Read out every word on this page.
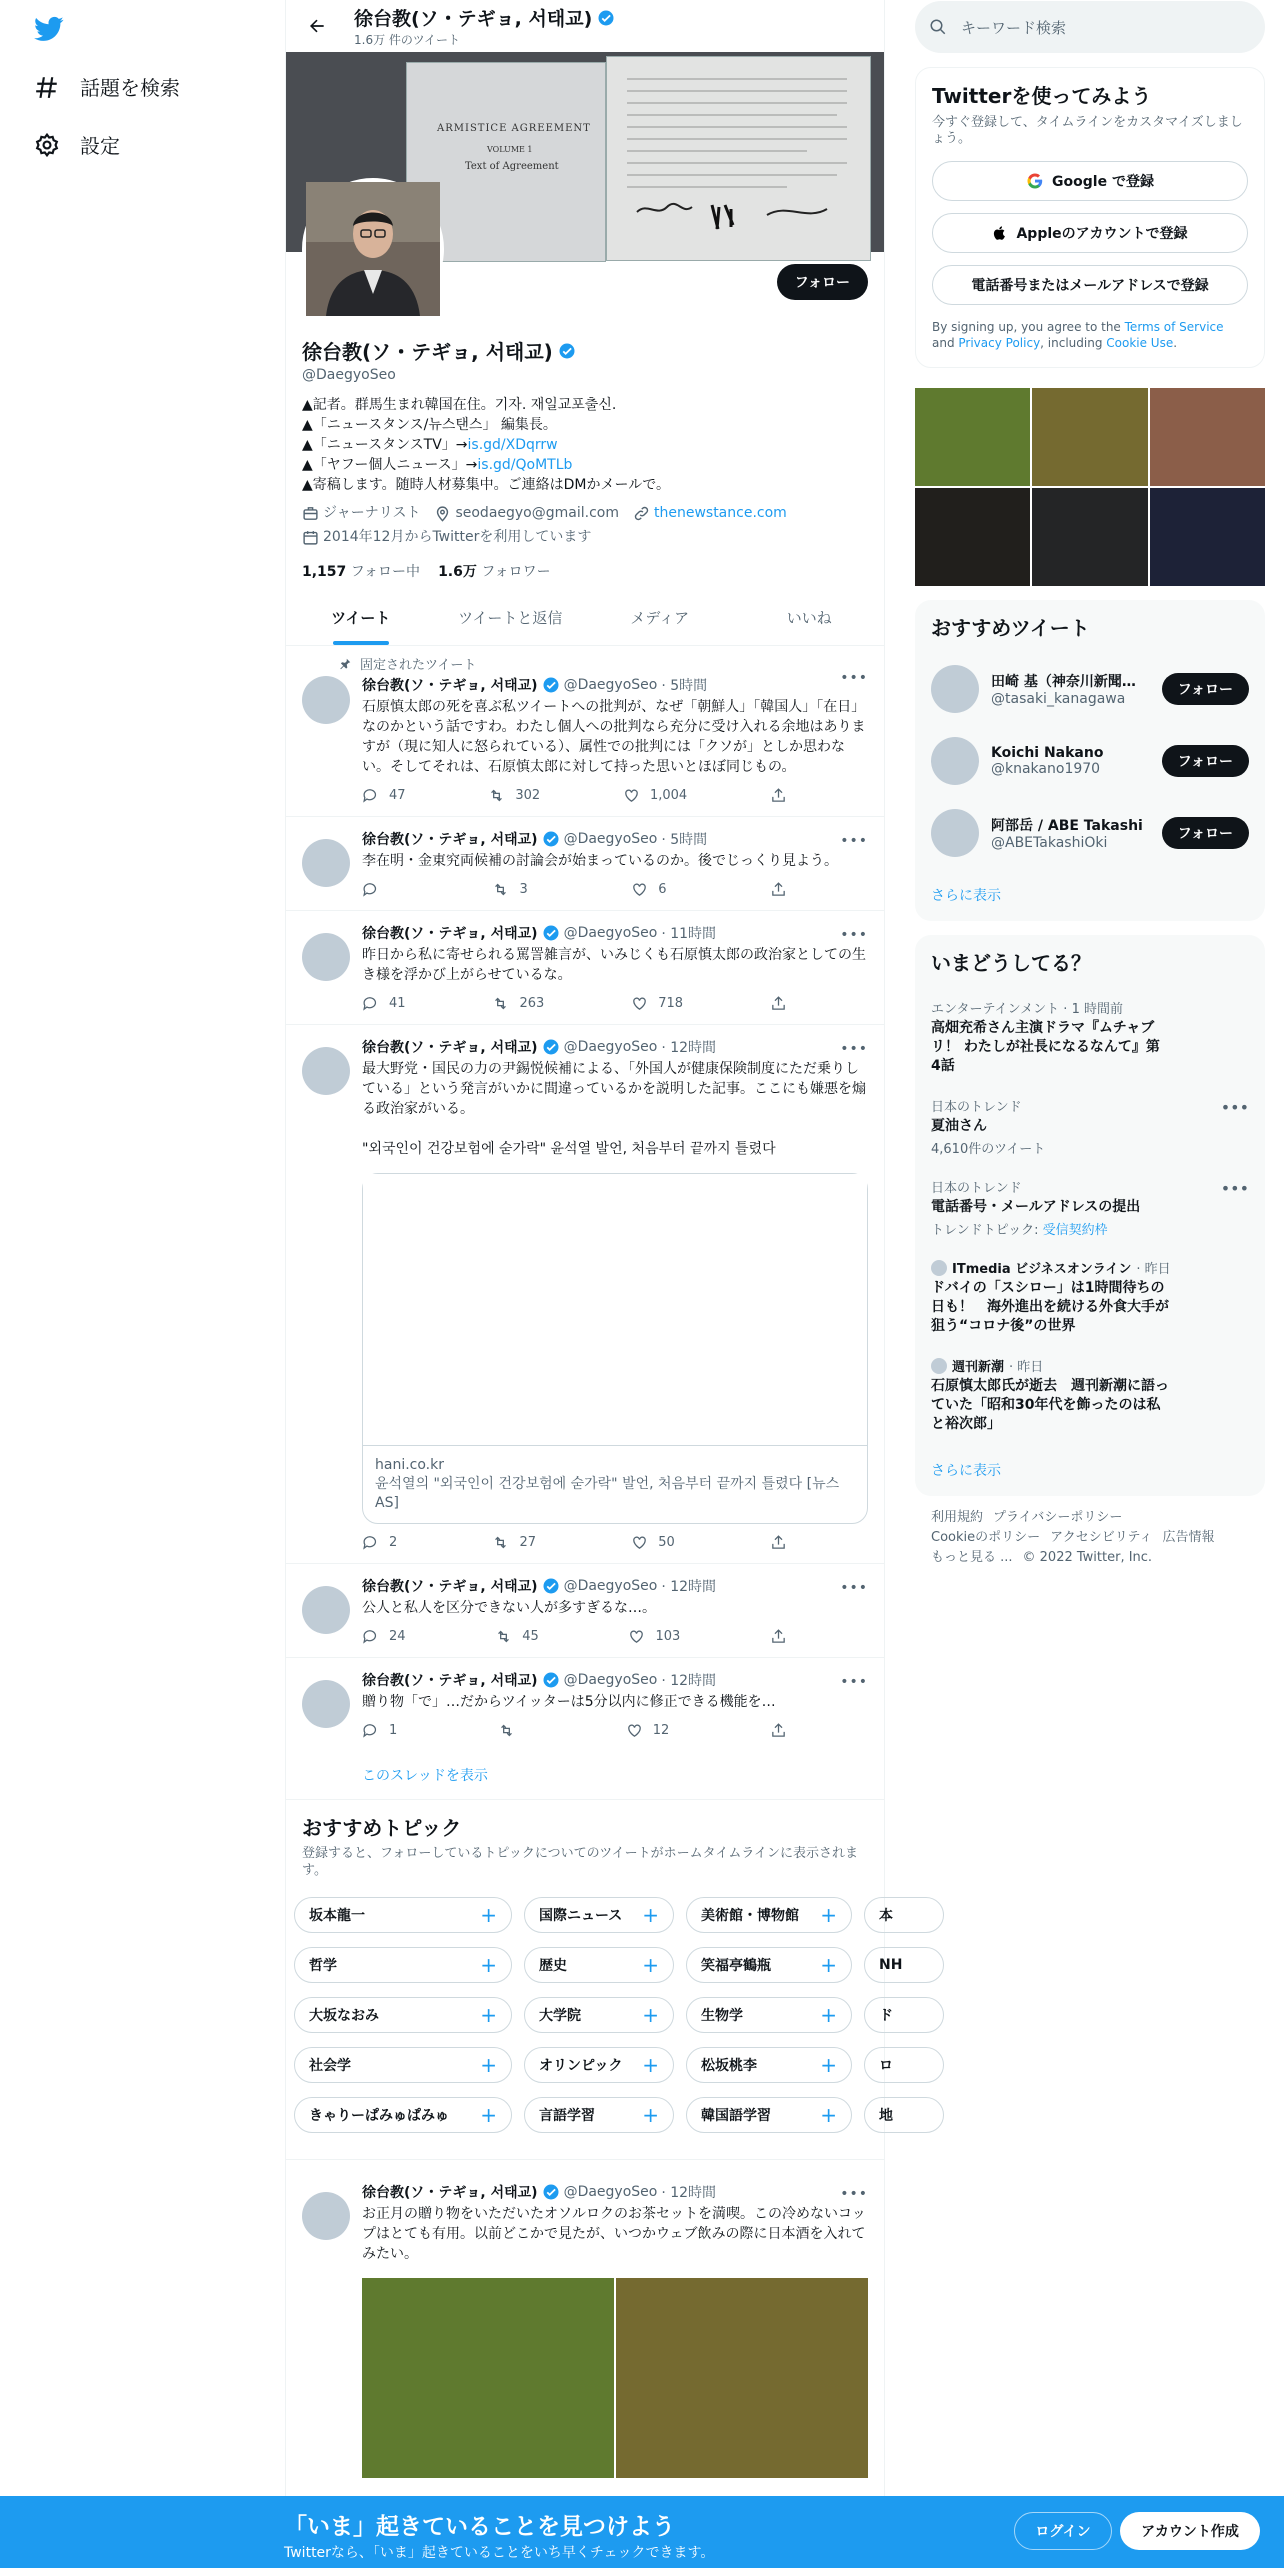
話題を検索
設定
徐台教(ソ・テギョ, 서태교)
1.6万 件のツイート
ARMISTICE AGREEMENT
VOLUME 1
Text of Agreement
フォロー
徐台教(ソ・テギョ, 서태교)
@DaegyoSeo
▲記者。群馬生まれ韓国在住。기자. 재일교포출신.
▲「ニュースタンス/뉴스탠스」 編集長。
▲「ニュースタンスTV」→is.gd/XDqrrw
▲「ヤフー個人ニュース」→is.gd/QoMTLb
▲寄稿します。随時人材募集中。ご連絡はDMかメールで。
ジャーナリスト	seodaegyo@gmail.com	thenewstance.com
2014年12月からTwitterを利用しています
1,157 フォロー中 1.6万 フォロワー
ツイート	ツイートと返信	メディア	いいね
固定されたツイート
徐台教(ソ・テギョ, 서태교) @DaegyoSeo · 5時間	•••
石原慎太郎の死を喜ぶ私ツイートへの批判が、なぜ「朝鮮人」「韓国人」「在日」なのかという話ですわ。わたし個人への批判なら充分に受け入れる余地はありますが（現に知人に怒られている）、属性での批判には「クソが」としか思わない。そしてそれは、石原慎太郎に対して持った思いとほぼ同じもの。
47	302	1,004
徐台教(ソ・テギョ, 서태교) @DaegyoSeo · 5時間	•••
李在明・金東究両候補の討論会が始まっているのか。後でじっくり見よう。
3	6
徐台教(ソ・テギョ, 서태교) @DaegyoSeo · 11時間	•••
昨日から私に寄せられる罵詈雑言が、いみじくも石原慎太郎の政治家としての生き様を浮かび上がらせているな。
41	263	718
徐台教(ソ・テギョ, 서태교) @DaegyoSeo · 12時間	•••
最大野党・国民の力の尹錫悦候補による、「外国人が健康保険制度にただ乗りしている」という発言がいかに間違っているかを説明した記事。ここにも嫌悪を煽る政治家がいる。

"외국인이 건강보험에 숟가락" 윤석열 발언, 처음부터 끝까지 틀렸다
hani.co.kr
윤석열의 "외국인이 건강보험에 숟가락" 발언, 처음부터 끝까지 틀렸다 [뉴스AS]
2	27	50
徐台教(ソ・テギョ, 서태교) @DaegyoSeo · 12時間	•••
公人と私人を区分できない人が多すぎるな…。
24	45	103
徐台教(ソ・テギョ, 서태교) @DaegyoSeo · 12時間	•••
贈り物「で」…だからツイッターは5分以内に修正できる機能を…
1	12
このスレッドを表示
おすすめトピック
登録すると、フォローしているトピックについてのツイートがホームタイムラインに表示されます。
坂本龍一	+	国際ニュース +	美術館・博物館 +	本
哲学	+	歴史	+	笑福亭鶴瓶 +	NH
大坂なおみ	+	大学院	+	生物学	+	ド
社会学	+	オリンピック +	松坂桃李	+	ロ
きゃりーぱみゅぱみゅ +	言語学習 +	韓国語学習 +	地
徐台教(ソ・テギョ, 서태교) @DaegyoSeo · 12時間	•••
お正月の贈り物をいただいたオソルロクのお茶セットを満喫。この冷めないコップはとても有用。以前どこかで見たが、いつかウェブ飲みの際に日本酒を入れてみたい。
キーワード検索
Twitterを使ってみよう
今すぐ登録して、タイムラインをカスタマイズしましょう。
Google で登録
Appleのアカウントで登録
電話番号またはメールアドレスで登録
By signing up, you agree to the Terms of Service and Privacy Policy, including Cookie Use.
おすすめツイート
田崎 基（神奈川新聞…
@tasaki_kanagawa
フォロー
Koichi Nakano
@knakano1970	フォロー
阿部岳 / ABE Takashi
@ABETakashiOki
フォロー
さらに表示
いまどうしてる？
エンターテインメント · 1 時間前
高畑充希さん主演ドラマ『ムチャブリ！ わたしが社長になるなんて』第4話
日本のトレンド
夏油さん
4,610件のツイート
•••
日本のトレンド
電話番号・メールアドレスの提出
トレンドトピック: 受信契約枠
•••
ITmedia ビジネスオンライン · 昨日
ドバイの「スシロー」は1時間待ちの日も！　海外進出を続ける外食大手が狙う“コロナ後”の世界
週刊新潮 · 昨日
石原慎太郎氏が逝去　週刊新潮に語っていた「昭和30年代を飾ったのは私と裕次郎」
さらに表示
利用規約 プライバシーポリシー
Cookieのポリシー アクセシビリティ 広告情報
もっと見る ... © 2022 Twitter, Inc.
「いま」起きていることを見つけよう
Twitterなら、「いま」起きていることをいち早くチェックできます。
ログイン	アカウント作成
